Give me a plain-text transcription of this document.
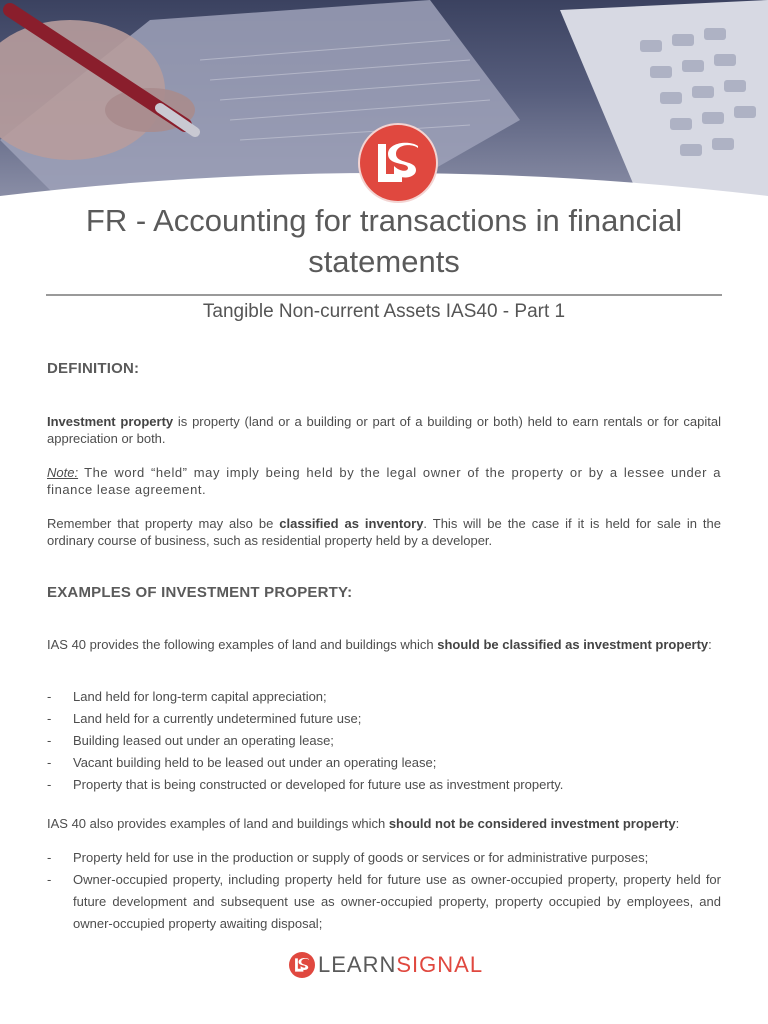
FR - Accounting for transactions in financial statements
Tangible Non-current Assets IAS40 - Part 1
DEFINITION:

Investment property is property (land or a building or part of a building or both) held to earn rentals or for capital appreciation or both.

Note: The word “held” may imply being held by the legal owner of the property or by a lessee under a finance lease agreement.

Remember that property may also be classified as inventory. This will be the case if it is held for sale in the ordinary course of business, such as residential property held by a developer.

EXAMPLES OF INVESTMENT PROPERTY:

IAS 40 provides the following examples of land and buildings which should be classified as investment property:

- Land held for long-term capital appreciation;
- Land held for a currently undetermined future use;
- Building leased out under an operating lease;
- Vacant building held to be leased out under an operating lease;
- Property that is being constructed or developed for future use as investment property.

IAS 40 also provides examples of land and buildings which should not be considered investment property:

- Property held for use in the production or supply of goods or services or for administrative purposes;
- Owner-occupied property, including property held for future use as owner-occupied property, property held for future development and subsequent use as owner-occupied property, property occupied by employees, and owner-occupied property awaiting disposal;
LEARN SIGNAL
